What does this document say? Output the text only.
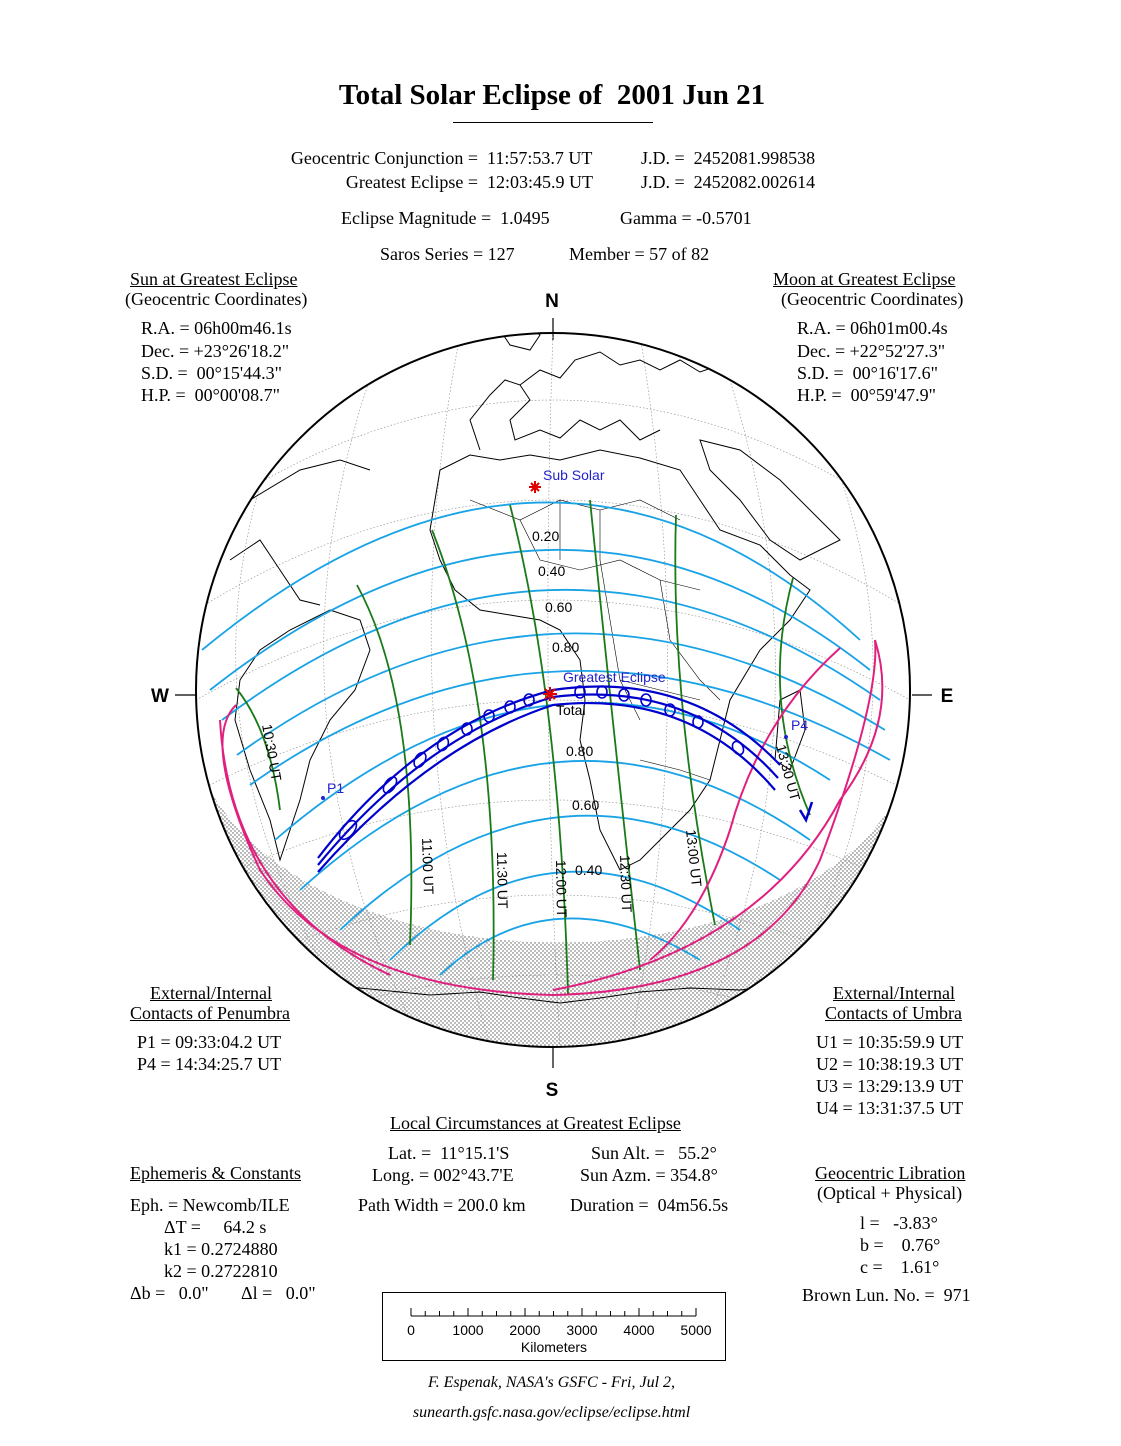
Total Solar Eclipse of  2001 Jun 21
Geocentric Conjunction = 11:57:53.7 UT	J.D. =  2452081.998538
Greatest Eclipse = 12:03:45.9 UT	J.D. =  2452082.002614
Eclipse Magnitude =  1.0495	Gamma = -0.5701
Saros Series = 127	Member = 57 of 82
Sun at Greatest Eclipse
(Geocentric Coordinates)
R.A. = 06h00m46.1s
Dec. = +23°26'18.2"
S.D. =  00°15'44.3"
H.P. =  00°00'08.7"
Moon at Greatest Eclipse
(Geocentric Coordinates)
R.A. = 06h01m00.4s
Dec. = +22°52'27.3"
S.D. =  00°16'17.6"
H.P. =  00°59'47.9"
N
S
W	E
Sub Solar
Greatest Eclipse
Total
P1
P4
0.20
0.40
0.60
0.80
0.80
0.60
0.40
10:30 UT
11:00 UT	11:30 UT	12:00 UT	12:30 UT	13:00 UT
13:30 UT
External/Internal
Contacts of Penumbra
P1 = 09:33:04.2 UT
P4 = 14:34:25.7 UT
External/Internal
Contacts of Umbra
U1 = 10:35:59.9 UT
U2 = 10:38:19.3 UT
U3 = 13:29:13.9 UT
U4 = 13:31:37.5 UT
Local Circumstances at Greatest Eclipse
Lat. =  11°15.1'S
Long. = 002°43.7'E
Sun Alt. =   55.2°
Sun Azm. = 354.8°
Path Width = 200.0 km Duration =  04m56.5s
Ephemeris & Constants
Eph. = Newcomb/ILE
ΔT =     64.2 s
k1 = 0.2724880
k2 = 0.2722810
Δb =   0.0" Δl =   0.0"
Geocentric Libration
(Optical + Physical)
l =   -3.83°
b =    0.76°
c =    1.61°
Brown Lun. No. =  971
0	1000 2000 3000 4000 5000
Kilometers
F. Espenak, NASA's GSFC - Fri, Jul 2,
sunearth.gsfc.nasa.gov/eclipse/eclipse.html
